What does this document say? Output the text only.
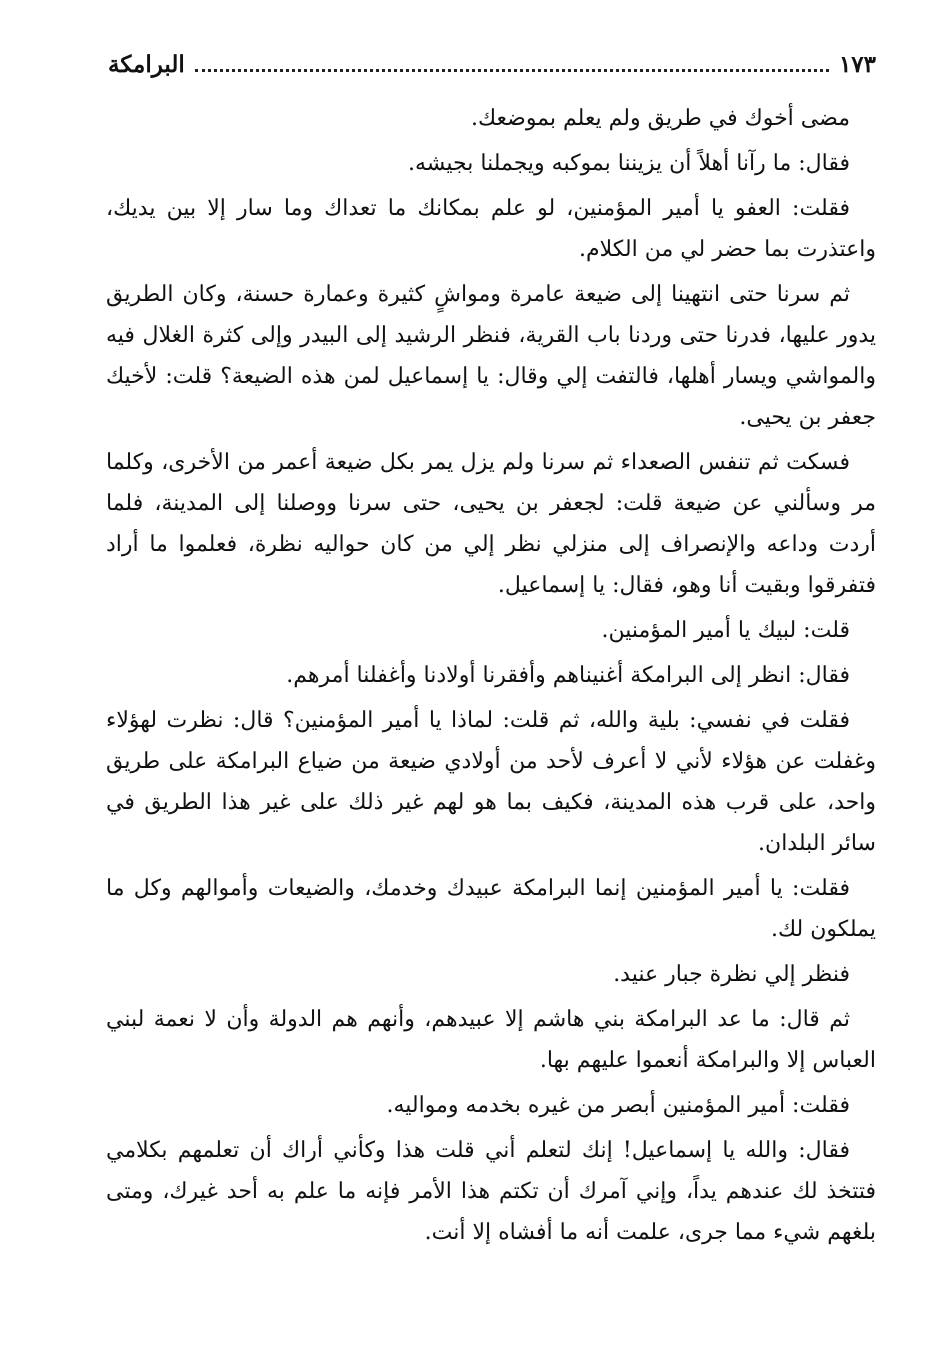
البرامكة	١٧٣

مضى أخوك في طريق ولم يعلم بموضعك.

فقال: ما رآنا أهلاً أن يزيننا بموكبه ويجملنا بجيشه.

فقلت: العفو يا أمير المؤمنين، لو علم بمكانك ما تعداك وما سار إلا بين يديك، واعتذرت بما حضر لي من الكلام.

ثم سرنا حتى انتهينا إلى ضيعة عامرة ومواشٍ كثيرة وعمارة حسنة، وكان الطريق يدور عليها، فدرنا حتى وردنا باب القرية، فنظر الرشيد إلى البيدر وإلى كثرة الغلال فيه والمواشي ويسار أهلها، فالتفت إلي وقال: يا إسماعيل لمن هذه الضيعة؟ قلت: لأخيك جعفر بن يحيى.

فسكت ثم تنفس الصعداء ثم سرنا ولم يزل يمر بكل ضيعة أعمر من الأخرى، وكلما مر وسألني عن ضيعة قلت: لجعفر بن يحيى، حتى سرنا ووصلنا إلى المدينة، فلما أردت وداعه والإنصراف إلى منزلي نظر إلي من كان حواليه نظرة، فعلموا ما أراد فتفرقوا وبقيت أنا وهو، فقال: يا إسماعيل.

قلت: لبيك يا أمير المؤمنين.

فقال: انظر إلى البرامكة أغنيناهم وأفقرنا أولادنا وأغفلنا أمرهم.

فقلت في نفسي: بلية والله، ثم قلت: لماذا يا أمير المؤمنين؟ قال: نظرت لهؤلاء وغفلت عن هؤلاء لأني لا أعرف لأحد من أولادي ضيعة من ضياع البرامكة على طريق واحد، على قرب هذه المدينة، فكيف بما هو لهم غير ذلك على غير هذا الطريق في سائر البلدان.

فقلت: يا أمير المؤمنين إنما البرامكة عبيدك وخدمك، والضيعات وأموالهم وكل ما يملكون لك.

فنظر إلي نظرة جبار عنيد.

ثم قال: ما عد البرامكة بني هاشم إلا عبيدهم، وأنهم هم الدولة وأن لا نعمة لبني العباس إلا والبرامكة أنعموا عليهم بها.

فقلت: أمير المؤمنين أبصر من غيره بخدمه ومواليه.

فقال: والله يا إسماعيل! إنك لتعلم أني قلت هذا وكأني أراك أن تعلمهم بكلامي فتتخذ لك عندهم يداً، وإني آمرك أن تكتم هذا الأمر فإنه ما علم به أحد غيرك، ومتى بلغهم شيء مما جرى، علمت أنه ما أفشاه إلا أنت.
